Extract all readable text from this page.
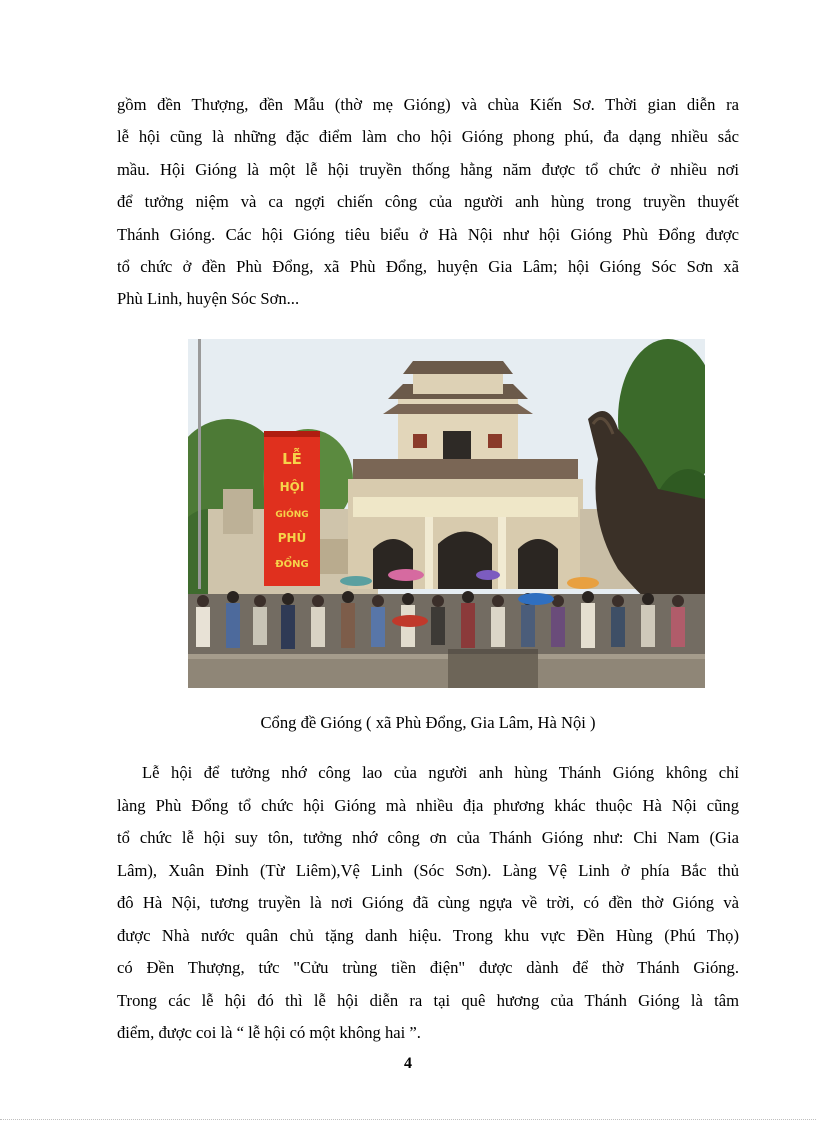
gồm đền Thượng, đền Mẫu (thờ mẹ Gióng) và chùa Kiến Sơ. Thời gian diễn ra
lễ hội cũng là những đặc điểm làm cho hội Gióng phong phú, đa dạng nhiều sắc
mầu. Hội Gióng là một lễ hội truyền thống hằng năm được tổ chức ở nhiều nơi
để tưởng niệm và ca ngợi chiến công của người anh hùng trong truyền thuyết
Thánh Gióng. Các hội Gióng tiêu biểu ở Hà Nội như hội Gióng Phù Đổng được
tổ chức ở đền Phù Đổng, xã Phù Đổng, huyện Gia Lâm; hội Gióng Sóc Sơn xã
Phù Linh, huyện Sóc Sơn...

LỄ
HỘI
GIÓNG
PHÙ
ĐỔNG
Cổng đề Gióng ( xã Phù Đổng, Gia Lâm, Hà Nội )

Lễ hội để tưởng nhớ công lao của người anh hùng Thánh Gióng không chỉ
làng Phù Đổng tổ chức hội Gióng mà nhiều địa phương khác thuộc Hà Nội cũng
tổ chức lễ hội suy tôn, tưởng nhớ công ơn của Thánh Gióng như: Chi Nam (Gia
Lâm), Xuân Đỉnh (Từ Liêm),Vệ Linh (Sóc Sơn). Làng Vệ Linh ở phía Bắc thủ
đô Hà Nội, tương truyền là nơi Gióng đã cùng ngựa về trời, có đền thờ Gióng và
được Nhà nước quân chủ tặng danh hiệu. Trong khu vực Đền Hùng (Phú Thọ)
có Đền Thượng, tức "Cửu trùng tiền điện" được dành để thờ Thánh Gióng.
Trong các lễ hội đó thì lễ hội diễn ra tại quê hương của Thánh Gióng là tâm
điểm, được coi là “ lễ hội có một không hai ”.

4
